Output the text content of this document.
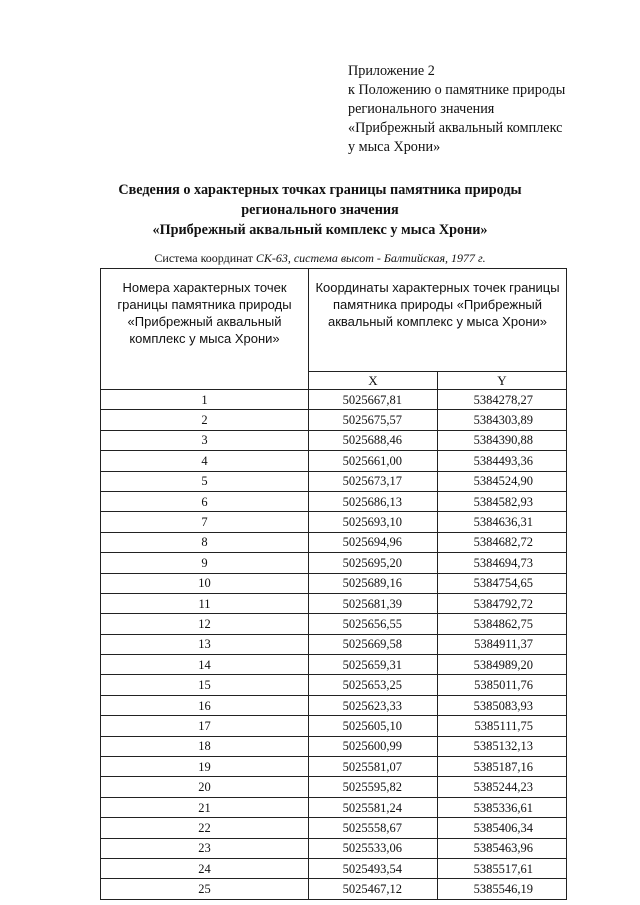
Приложение 2
к Положению о памятнике природы
регионального значения
«Прибрежный аквальный комплекс
у мыса Хрони»
Сведения о характерных точках границы памятника природы
регионального значения
«Прибрежный аквальный комплекс у мыса Хрони»
Система координат СК-63, система высот - Балтийская, 1977 г.
Номера характерных точек границы памятника природы «Прибрежный аквальный комплекс у мыса Хрони»	Координаты характерных точек границы памятника природы «Прибрежный аквальный комплекс у мыса Хрони»	
	X	Y
1	5025667,81	5384278,27
2	5025675,57	5384303,89
3	5025688,46	5384390,88
4	5025661,00	5384493,36
5	5025673,17	5384524,90
6	5025686,13	5384582,93
7	5025693,10	5384636,31
8	5025694,96	5384682,72
9	5025695,20	5384694,73
10	5025689,16	5384754,65
11	5025681,39	5384792,72
12	5025656,55	5384862,75
13	5025669,58	5384911,37
14	5025659,31	5384989,20
15	5025653,25	5385011,76
16	5025623,33	5385083,93
17	5025605,10	5385111,75
18	5025600,99	5385132,13
19	5025581,07	5385187,16
20	5025595,82	5385244,23
21	5025581,24	5385336,61
22	5025558,67	5385406,34
23	5025533,06	5385463,96
24	5025493,54	5385517,61
25	5025467,12	5385546,19
